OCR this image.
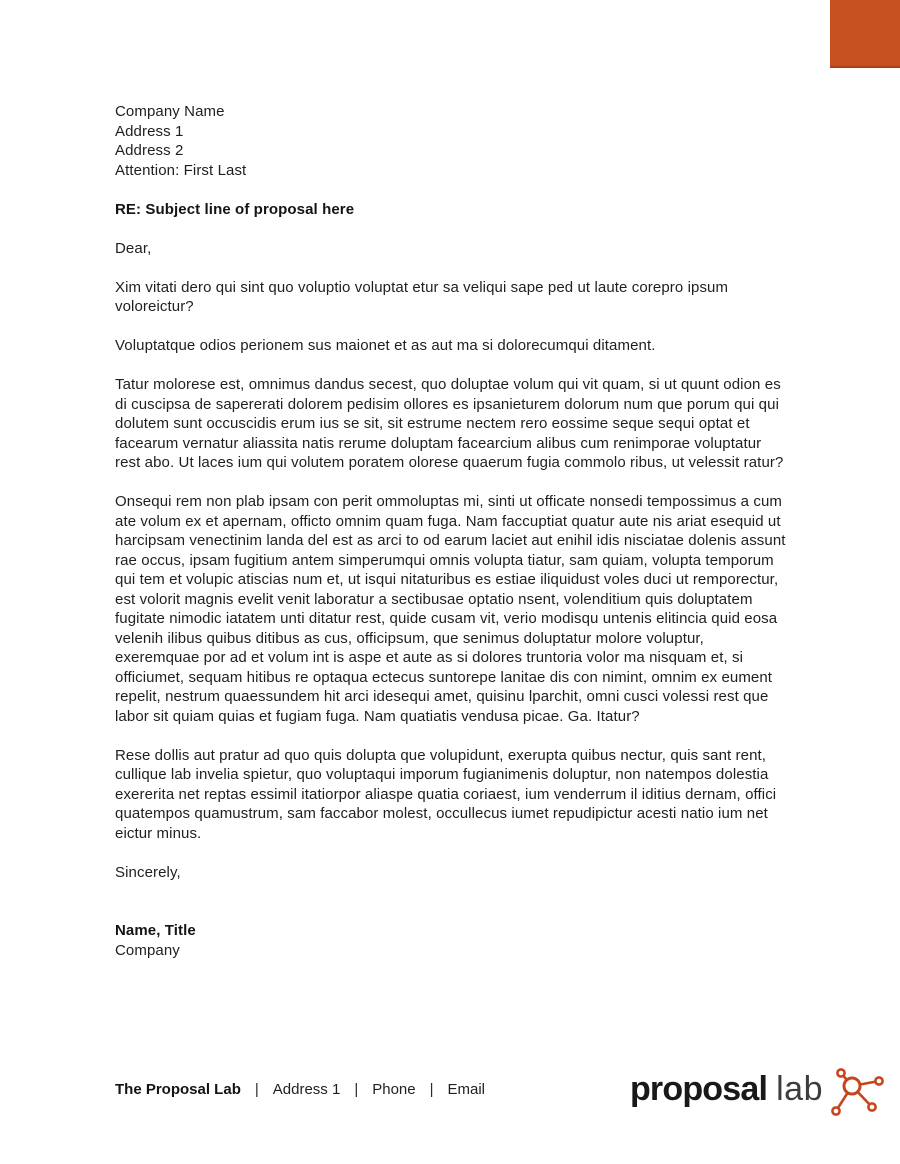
Company Name

Address 1

Address 2

Attention: First Last

RE: Subject line of proposal here

Dear,

Xim vitati dero qui sint quo voluptio voluptat etur sa veliqui sape ped ut laute corepro ipsum voloreictur?

Voluptatque odios perionem sus maionet et as aut ma si dolorecumqui ditament.

Tatur molorese est, omnimus dandus secest, quo doluptae volum qui vit quam, si ut quunt odion es di cuscipsa de sapererati dolorem pedisim ollores es ipsanieturem dolorum num que porum qui qui dolutem sunt occuscidis erum ius se sit, sit estrume nectem rero eossime seque sequi optat et facearum vernatur aliassita natis rerume doluptam facearcium alibus cum renimporae voluptatur rest abo. Ut laces ium qui volutem poratem olorese quaerum fugia commolo ribus, ut velessit ratur?

Onsequi rem non plab ipsam con perit ommoluptas mi, sinti ut officate nonsedi tempossimus a cum ate volum ex et apernam, officto omnim quam fuga. Nam faccuptiat quatur aute nis ariat esequid ut harcipsam venectinim landa del est as arci to od earum laciet aut enihil idis nisciatae dolenis assunt rae occus, ipsam fugitium antem simperumqui omnis volupta tiatur, sam quiam, volupta temporum qui tem et volupic atiscias num et, ut isqui nitaturibus es estiae iliquidust voles duci ut remporectur, est volorit magnis evelit venit laboratur a sectibusae optatio nsent, volenditium quis doluptatem fugitate nimodic iatatem unti ditatur rest, quide cusam vit, verio modisqu untenis elitincia quid eosa velenih ilibus quibus ditibus as cus, officipsum, que senimus doluptatur molore voluptur, exeremquae por ad et volum int is aspe et aute as si dolores truntoria volor ma nisquam et, si officiumet, sequam hitibus re optaqua ectecus suntorepe lanitae dis con nimint, omnim ex eument repelit, nestrum quaessundem hit arci idesequi amet, quisinu lparchit, omni cusci volessi rest que labor sit quiam quias et fugiam fuga. Nam quatiatis vendusa picae. Ga. Itatur?

Rese dollis aut pratur ad quo quis dolupta que volupidunt, exerupta quibus nectur, quis sant rent, cullique lab invelia spietur, quo voluptaqui imporum fugianimenis doluptur, non natempos dolestia exererita net reptas essimil itatiorpor aliaspe quatia coriaest, ium venderrum il iditius dernam, offici quatempos quamustrum, sam faccabor molest, occullecus iumet repudipictur acesti natio ium net eictur minus.

Sincerely,

Name, Title

Company

The Proposal Lab | Address 1 | Phone | Email	proposal lab
